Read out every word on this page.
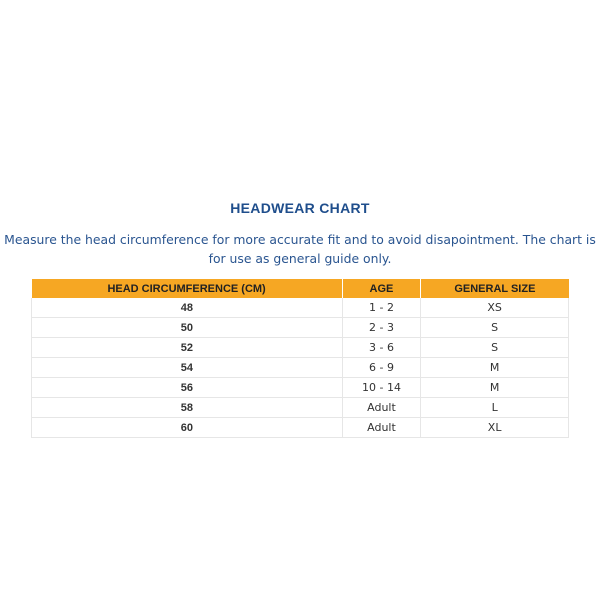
HEADWEAR CHART
Measure the head circumference for more accurate fit and to avoid disapointment. The chart is for use as general guide only.
HEAD CIRCUMFERENCE (CM)	AGE	GENERAL SIZE
48	1 - 2	XS
50	2 - 3	S
52	3 - 6	S
54	6 - 9	M
56	10 - 14	M
58	Adult	L
60	Adult	XL
